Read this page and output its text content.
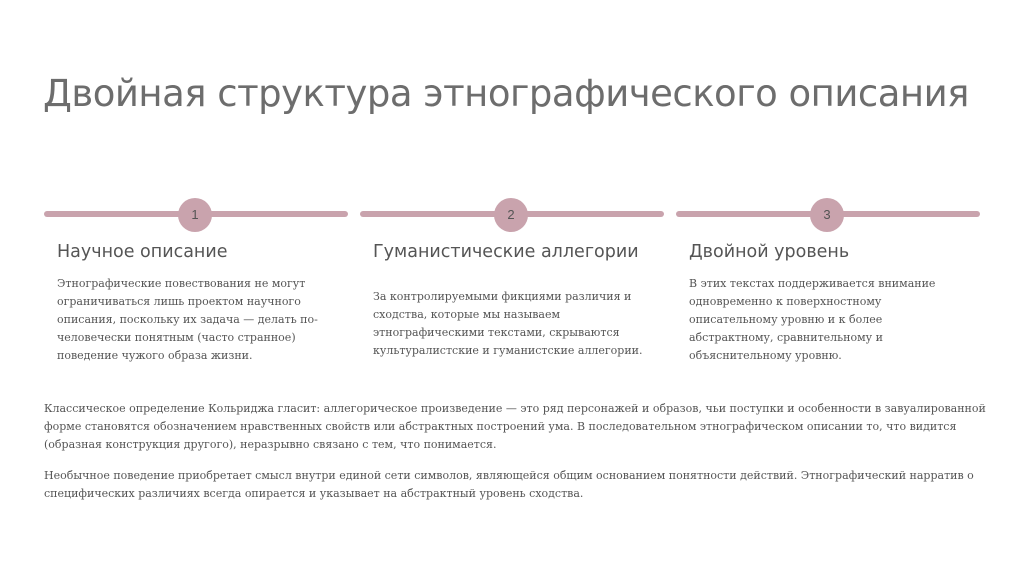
Двойная структура этнографического описания
1
Научное описание
Этнографические повествования не могут ограничиваться лишь проектом научного описания, поскольку их задача — делать по-человечески понятным (часто странное) поведение чужого образа жизни.
2
Гуманистические аллегории
За контролируемыми фикциями различия и сходства, которые мы называем этнографическими текстами, скрываются культуралистские и гуманистские аллегории.
3
Двойной уровень
В этих текстах поддерживается внимание одновременно к поверхностному описательному уровню и к более абстрактному, сравнительному и объяснительному уровню.

Классическое определение Кольриджа гласит: аллегорическое произведение — это ряд персонажей и образов, чьи поступки и особенности в завуалированной форме становятся обозначением нравственных свойств или абстрактных построений ума. В последовательном этнографическом описании то, что видится (образная конструкция другого), неразрывно связано с тем, что понимается.

Необычное поведение приобретает смысл внутри единой сети символов, являющейся общим основанием понятности действий. Этнографический нарратив о специфических различиях всегда опирается и указывает на абстрактный уровень сходства.
